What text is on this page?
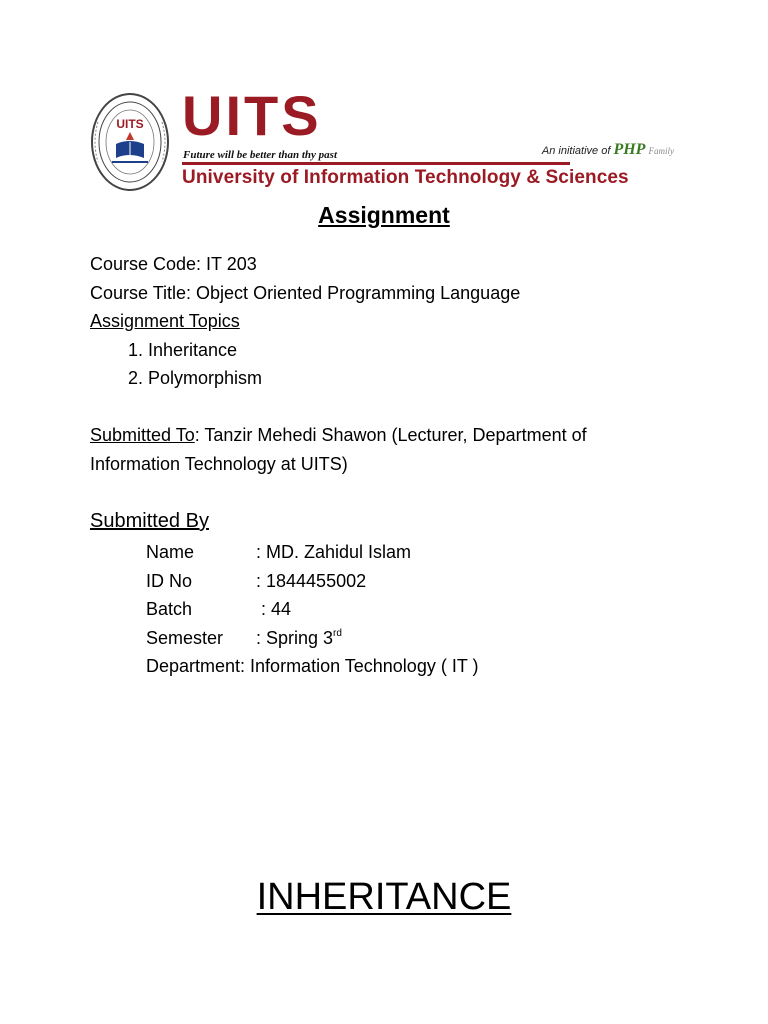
UITS UITS
Future will be better than thy past	An initiative of PHP Family
University of Information Technology & Sciences
Assignment
Course Code: IT 203
Course Title: Object Oriented Programming Language
Assignment Topics
1. Inheritance
2. Polymorphism
Submitted To: Tanzir Mehedi Shawon (Lecturer, Department of Information Technology at UITS)
Submitted By
Name	: MD. Zahidul Islam
ID No	: 1844455002
Batch	: 44
Semester	: Spring 3rd
Department : Information Technology ( IT )
INHERITANCE
